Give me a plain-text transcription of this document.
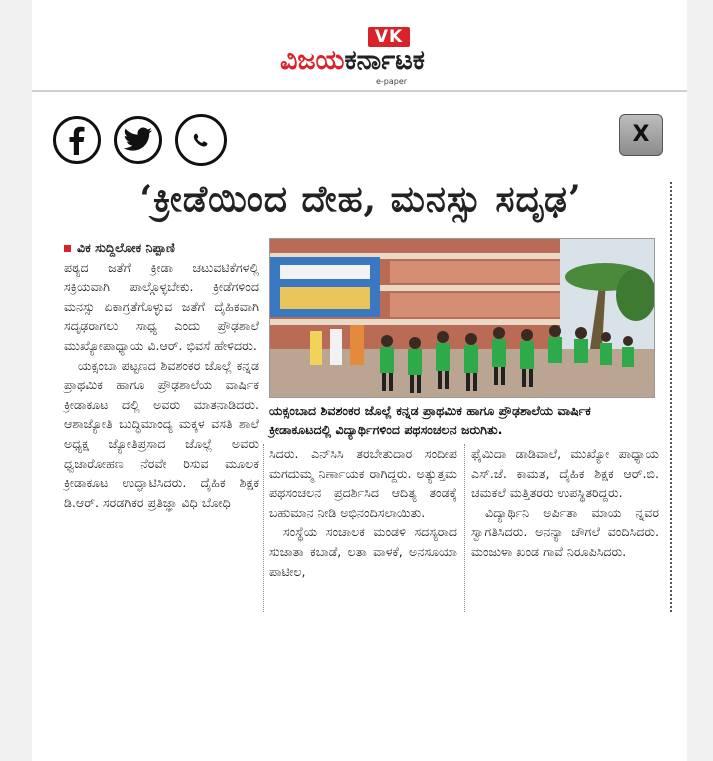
VK
ವಿಜಯಕರ್ನಾಟಕ
e-paper
X
‘ಕ್ರೀಡೆಯಿಂದ ದೇಹ, ಮನಸ್ಸು ಸದೃಢ’

ವಿಕ ಸುದ್ದಿಲೋಕ ನಿಪ್ಪಾಣಿ

ಪಠ್ಯದ ಜತೆಗೆ ಕ್ರೀಡಾ ಚಟುವಟಿಕೆಗಳಲ್ಲಿ ಸಕ್ರಿಯವಾಗಿ ಪಾಲ್ಗೊಳ್ಳಬೇಕು. ಕ್ರೀಡೆಗಳಿಂದ ಮನಸ್ಸು ಏಕಾಗ್ರತೆಗೊಳ್ಳುವ ಜತೆಗೆ ದೈಹಿಕವಾಗಿ ಸದೃಢರಾಗಲು ಸಾಧ್ಯ ಎಂದು ಪ್ರೌಢಶಾಲೆ ಮುಖ್ಯೋಪಾಧ್ಯಾಯ ವಿ.ಆರ್. ಭಿವಸೆ ಹೇಳಿದರು.

ಯಕ್ಸಂಬಾ ಪಟ್ಟಣದ ಶಿವಶಂಕರ ಜೊಲ್ಲೆ ಕನ್ನಡ ಪ್ರಾಥಮಿಕ ಹಾಗೂ ಪ್ರೌಢಶಾಲೆಯ ವಾರ್ಷಿಕ ಕ್ರೀಡಾಕೂಟ ದಲ್ಲಿ ಅವರು ಮಾತನಾಡಿದರು. ಆಶಾಜ್ಯೋತಿ ಬುದ್ಧಿಮಾಂದ್ಯ ಮಕ್ಕಳ ವಸತಿ ಶಾಲೆ ಅಧ್ಯಕ್ಷ ಜ್ಯೋತಿಪ್ರಸಾದ ಜೊಲ್ಲೆ ಅವರು ಧ್ವಜಾರೋಹಣ ನೆರವೇ ರಿಸುವ ಮೂಲಕ ಕ್ರೀಡಾಕೂಟ ಉದ್ಘಾಟಿಸಿದರು. ದೈಹಿಕ ಶಿಕ್ಷಕ ಡಿ.ಆರ್. ಸರಡಗಿಕರ ಪ್ರತಿಜ್ಞಾ ವಿಧಿ ಬೋಧಿ

ಯಕ್ಸಂಬಾದ ಶಿವಶಂಕರ ಜೊಲ್ಲೆ ಕನ್ನಡ ಪ್ರಾಥಮಿಕ ಹಾಗೂ ಪ್ರೌಢಶಾಲೆಯ ವಾರ್ಷಿಕ ಕ್ರೀಡಾಕೂಟದಲ್ಲಿ ವಿದ್ಯಾರ್ಥಿಗಳಿಂದ ಪಥಸಂಚಲನ ಜರುಗಿತು.

ಸಿದರು. ಎನ್‌ಸಿಸಿ ತರಬೇತುದಾರ ಸಂದೀಪ ಮಗದುಮ್ಮ ನಿರ್ಣಾಯಕ ರಾಗಿದ್ದರು. ಅತ್ಯುತ್ತಮ ಪಥಸಂಚಲನ ಪ್ರದರ್ಶಿಸಿದ ಆದಿತ್ಯ ತಂಡಕ್ಕೆ ಬಹುಮಾನ ನೀಡಿ ಅಭಿನಂದಿಸಲಾಯಿತು.

ಸಂಸ್ಥೆಯ ಸಂಚಾಲಕ ಮಂಡಳಿ ಸದಸ್ಯರಾದ ಸುಜಾತಾ ಕಬಾಡೆ, ಲತಾ ವಾಳಕೆ, ಅನಸೂಯಾ ಪಾಟೀಲ,

ಫೈಮಿದಾ ಡಾಡಿವಾಲೆ, ಮುಖ್ಯೋ ಪಾಧ್ಯಾಯ ಎಸ್.ಜೆ. ಕಾಮತ, ದೈಹಿಕ ಶಿಕ್ಷಕ ಆರ್.ಬಿ. ಚಮಕಲೆ ಮತ್ತಿತರರು ಉಪಸ್ಥಿತರಿದ್ದರು.

ವಿದ್ಯಾರ್ಥಿನಿ ಅರ್ಪಿತಾ ಮಾಯ ನ್ನವರ ಸ್ವಾಗತಿಸಿದರು. ಅನನ್ಯಾ ಚೌಗಲೆ ವಂದಿಸಿದರು. ಮಂಜುಳಾ ಖಂಡ ಗಾವೆ ನಿರೂಪಿಸಿದರು.
